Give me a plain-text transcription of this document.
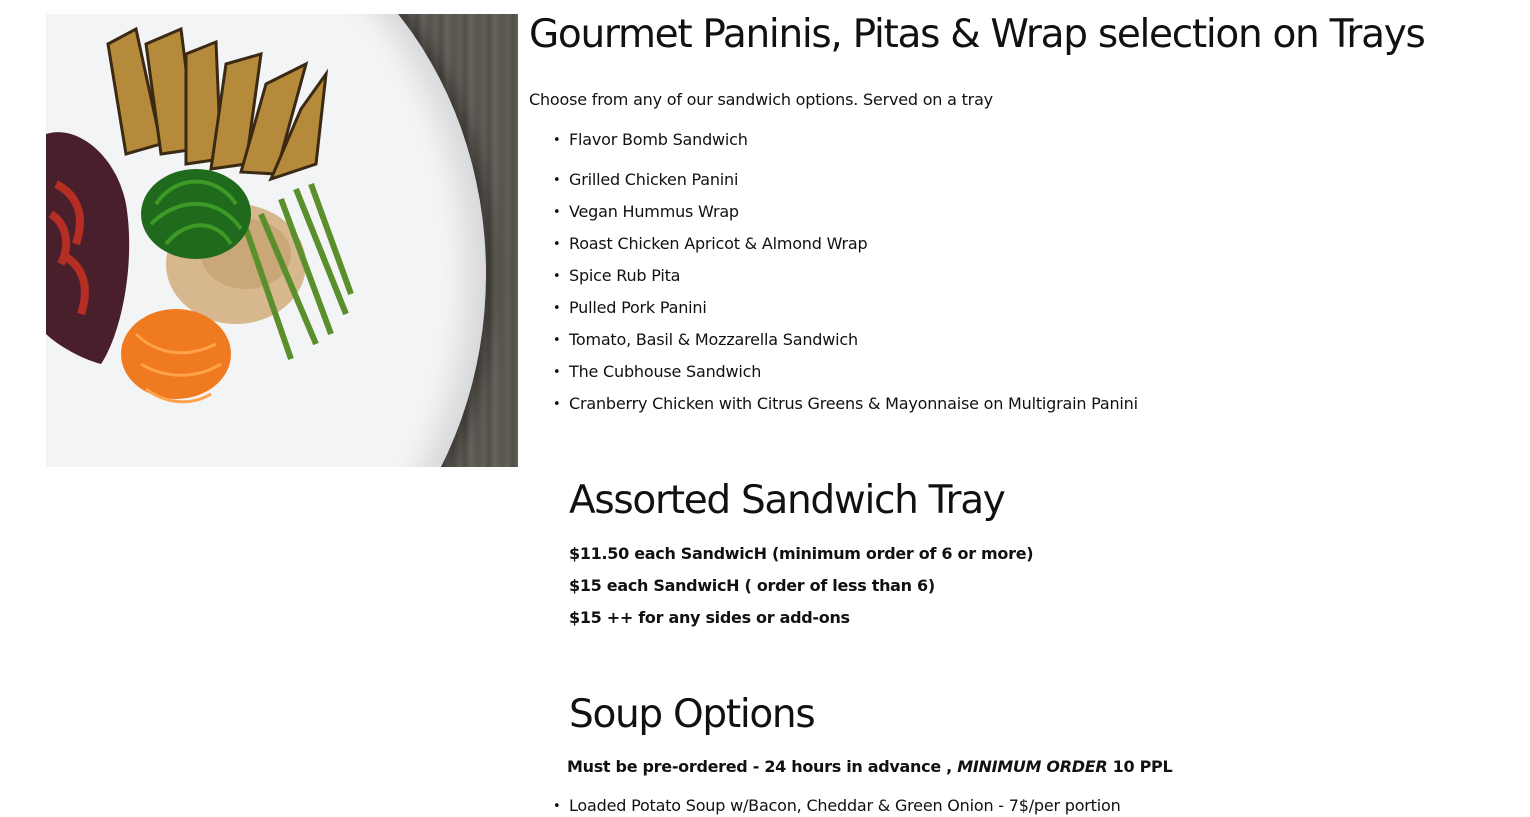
Gourmet Paninis, Pitas & Wrap selection on Trays

Choose from any of our sandwich options. Served on a tray

• Flavor Bomb Sandwich
• Grilled Chicken Panini
• Vegan Hummus Wrap
• Roast Chicken Apricot & Almond Wrap
• Spice Rub Pita
• Pulled Pork Panini
• Tomato, Basil & Mozzarella Sandwich
• The Cubhouse Sandwich
• Cranberry Chicken with Citrus Greens & Mayonnaise on Multigrain Panini
Assorted Sandwich Tray

$11.50 each SandwicH (minimum order of 6 or more)

$15 each SandwicH ( order of less than 6)

$15 ++ for any sides or add-ons

Soup Options

Must be pre-ordered - 24 hours in advance , MINIMUM ORDER 10 PPL

• Loaded Potato Soup w/Bacon, Cheddar & Green Onion - 7$/per portion
